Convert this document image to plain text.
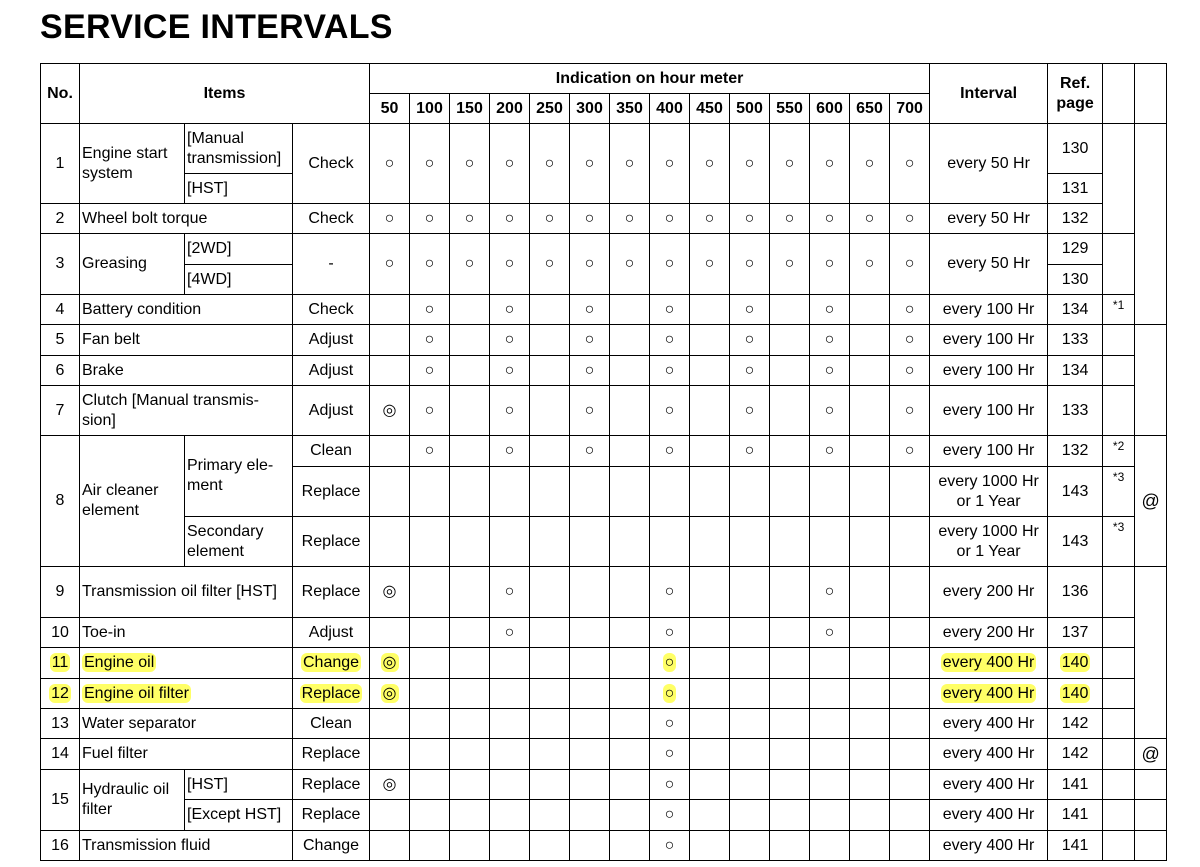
SERVICE INTERVALS
No.	Items			Indication on hour meter														Interval	Ref.
page			

				50	100	150	200	250	300	350	400	450	500	550	600	650	700					
1	Engine start system	[Manual transmission]	Check	○	○	○	○	○	○	○	○	○	○	○	○	○	○	every 50 Hr	130			
		[HST]																	131			
2	Wheel bolt torque		Check	○	○	○	○	○	○	○	○	○	○	○	○	○	○	every 50 Hr	132			
3	Greasing	[2WD]	-	○	○	○	○	○	○	○	○	○	○	○	○	○	○	every 50 Hr	129			
		[4WD]																	130			
4	Battery condition		Check		○		○		○		○		○		○		○	every 100 Hr	134	*1		
5	Fan belt		Adjust		○		○		○		○		○		○		○	every 100 Hr	133			
6	Brake		Adjust		○		○		○		○		○		○		○	every 100 Hr	134			
7	Clutch [Manual transmis-sion]		Adjust	◎	○		○		○		○		○		○		○	every 100 Hr	133			
8	Air cleaner element	Primary ele-ment	Clean		○		○		○		○		○		○		○	every 100 Hr	132	*2	@	
			Replace															every 1000 Hr or 1 Year	143	*3		
		Secondary element	Replace															every 1000 Hr or 1 Year	143	*3		
9	Transmission oil filter [HST]		Replace	◎			○				○				○			every 200 Hr	136			
10	Toe-in		Adjust				○				○				○			every 200 Hr	137			
11	Engine oil		Change	◎							○							every 400 Hr	140			
12	Engine oil filter		Replace	◎							○							every 400 Hr	140			
13	Water separator		Clean								○							every 400 Hr	142			
14	Fuel filter		Replace								○							every 400 Hr	142		@	
15	Hydraulic oil filter	[HST]	Replace	◎							○							every 400 Hr	141			
		[Except HST]	Replace								○							every 400 Hr	141			
16	Transmission fluid		Change								○							every 400 Hr	141			
